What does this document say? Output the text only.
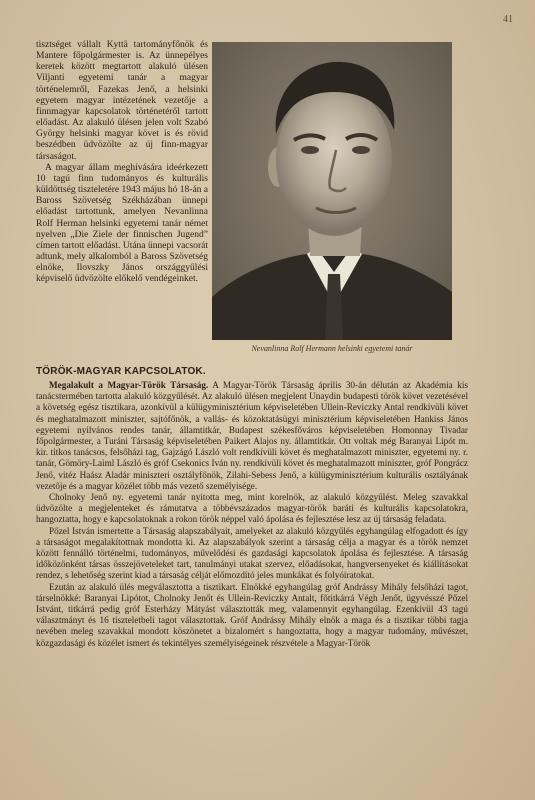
41

tisztséget vállalt Kyttä tartományfőnök és Mantere főpolgármester is. Az ünnepélyes keretek között megtartott alakuló ülésen Viljanti egyetemi tanár a magyar történelemről, Fazekas Jenő, a helsinki egyetem magyar intézetének vezetője a finnmagyar kapcsolatok történetéről tartott előadást. Az alakuló ülésen jelen volt Szabó György helsinki magyar követ is és rövid beszédben üdvözölte az új finn-magyar társaságot.

A magyar állam meghívására ideérkezett 10 tagú finn tudományos és kulturális küldöttség tiszteletére 1943 május hó 18-án a Baross Szövetség Székházában ünnepi előadást tartottunk, amelyen Nevanlinna Rolf Herman helsinki egyetemi tanár német nyelven „Die Ziele der finnischen Jugend” címen tartott előadást. Utána ünnepi vacsorát adtunk, mely alkalomból a Baross Szövetség elnöke, Ilovszky János országgyűlési képviselő üdvözölte előkelő vendégeinket.

Nevanlinna Rolf Hermann helsinki egyetemi tanár
TÖRÖK-MAGYAR KAPCSOLATOK.

Megalakult a Magyar-Török Társaság. A Magyar-Török Társaság április 30-án délután az Akadémia kis tanácstermében tartotta alakuló közgyűlését. Az alakuló ülésen megjelent Unaydin budapesti török követ vezetésével a követség egész tisztikara, azonkívül a külügyminisztérium képviseletében Ullein-Reviczky Antal rendkívüli követ és meghatalmazott miniszter, sajtófőnök, a vallás- és közoktatásügyi minisztérium képviseletében Hankiss János egyetemi nyilvános rendes tanár, államtitkár, Budapest székesfőváros képviseletében Homonnay Tivadar főpolgármester, a Turáni Társaság képviseletében Paikert Alajos ny. államtitkár. Ott voltak még Baranyai Lipót m. kir. titkos tanácsos, felsőházi tag, Gajzágó László volt rendkívüli követ és meghatalmazott miniszter, egyetemi ny. r. tanár, Gömöry-Laiml László és gróf Csekonics Iván ny. rendkívüli követ és meghatalmazott miniszter, gróf Pongrácz Jenő, vitéz Haász Aladár miniszteri osztályfőnök, Zilahi-Sebess Jenő, a külügyminisztérium kulturális osztályának vezetője és a magyar közélet több más vezető személyisége.

Cholnoky Jenő ny. egyetemi tanár nyitotta meg, mint korelnök, az alakuló közgyűlést. Meleg szavakkal üdvözölte a megjelenteket és rámutatva a többévszázados magyar-török baráti és kulturális kapcsolatokra, hangoztatta, hogy e kapcsolatoknak a rokon török néppel való ápolása és fejlesztése lesz az új társaság feladata.

Pőzel István ismertette a Társaság alapszabályait, amelyeket az alakuló közgyűlés egyhangúlag elfogadott és így a társaságot megalakítottnak mondotta ki. Az alapszabályok szerint a társaság célja a magyar és a török nemzet között fennálló történelmi, tudományos, művelődési és gazdasági kapcsolatok ápolása és fejlesztése. A társaság időközönként társas összejöveteleket tart, tanulmányi utakat szervez, előadásokat, hangversenyeket és kiállításokat rendez, s lehetőség szerint kiad a társaság célját előmozdító jeles munkákat és folyóiratokat.

Ezután az alakuló ülés megválasztotta a tisztikart. Elnökké egyhangúlag gróf Andrássy Mihály felsőházi tagot, társelnökké: Baranyai Lipótot, Cholnoky Jenőt és Ullein-Reviczky Antalt, főtitkárrá Végh Jenőt, ügyvésszé Pőzel Istvánt, titkárrá pedig gróf Esterházy Mátyást választották meg, valamennyit egyhangúlag. Ezenkívül 43 tagú választmányt és 16 tiszteletbeli tagot választottak. Gróf Andrássy Mihály elnök a maga és a tisztikar többi tagja nevében meleg szavakkal mondott köszönetet a bizalomért s hangoztatta, hogy a magyar tudomány, művészet, közgazdasági és közélet ismert és tekintélyes személyiségeinek részvétele a Magyar-Török
